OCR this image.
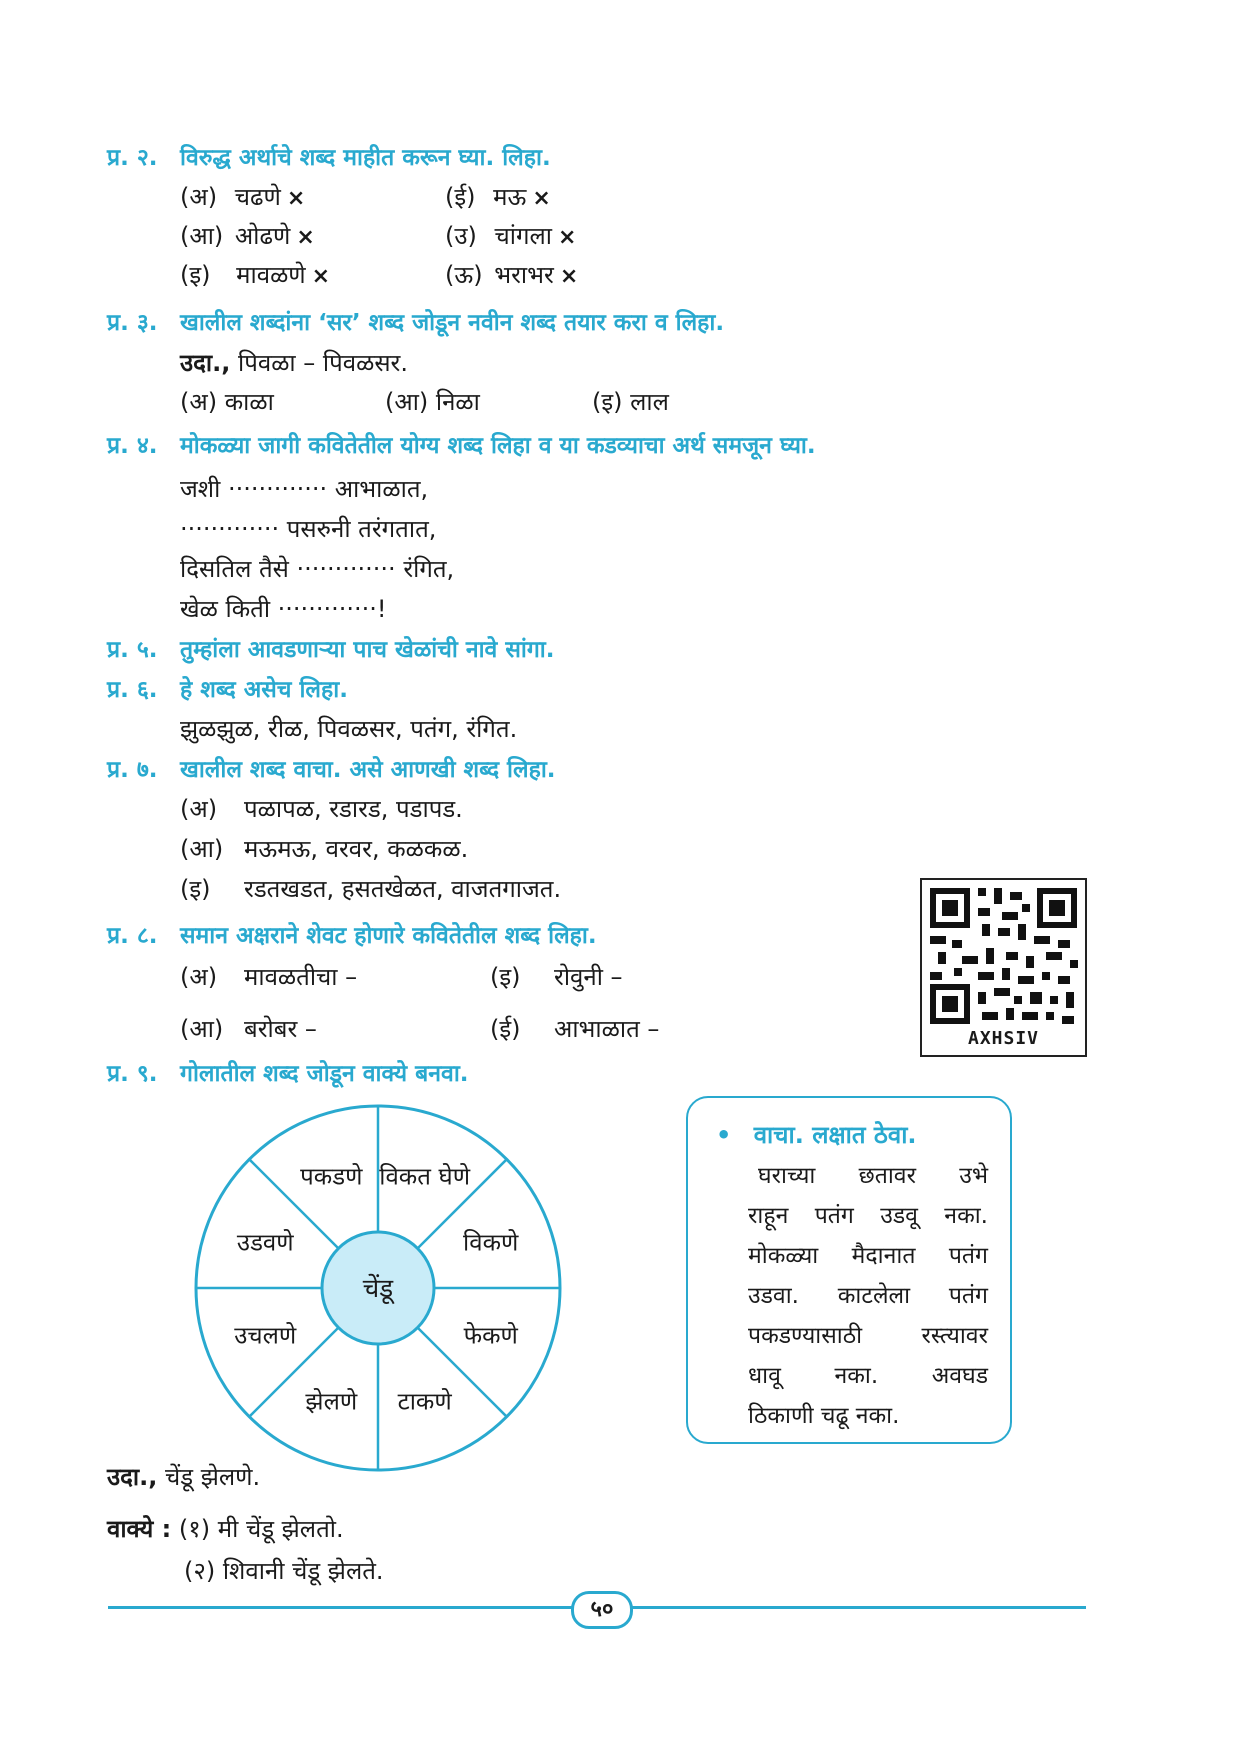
प्र. २. विरुद्ध अर्थाचे शब्द माहीत करून घ्या. लिहा.
(अ) चढणे ×	(ई) मऊ ×
(आ) ओढणे ×	(उ) चांगला ×
(इ) मावळणे ×	(ऊ) भराभर ×
प्र. ३. खालील शब्दांना ‘सर’ शब्द जोडून नवीन शब्द तयार करा व लिहा.
उदा., पिवळा – पिवळसर.
(अ) काळा	(आ) निळा	(इ) लाल
प्र. ४. मोकळ्या जागी कवितेतील योग्य शब्द लिहा व या कडव्याचा अर्थ समजून घ्या.
जशी ············· आभाळात,
············· पसरुनी तरंगतात,
दिसतिल तैसे ············· रंगित,
खेळ किती ·············!
प्र. ५. तुम्हांला आवडणाऱ्या पाच खेळांची नावे सांगा.
प्र. ६. हे शब्द असेच लिहा.
झुळझुळ, रीळ, पिवळसर, पतंग, रंगित.
प्र. ७. खालील शब्द वाचा. असे आणखी शब्द लिहा.
(अ) पळापळ, रडारड, पडापड.
(आ) मऊमऊ, वरवर, कळकळ.
(इ) रडतखडत, हसतखेळत, वाजतगाजत.
प्र. ८. समान अक्षराने शेवट होणारे कवितेतील शब्द लिहा.
(अ) मावळतीचा –	(इ) रोवुनी –
(आ) बरोबर –	(ई) आभाळात –	AXHSIV
प्र. ९. गोलातील शब्द जोडून वाक्ये बनवा.
चेंडू
पकडणे विकत घेणे
विकणे
फेकणे
टाकणे
झेलणे
उचलणे
उडवणे
• वाचा. लक्षात ठेवा.
घराच्या छतावर उभे
राहून पतंग उडवू नका.
मोकळ्या मैदानात पतंग
उडवा. काटलेला पतंग
पकडण्यासाठी रस्त्यावर
धावू नका. अवघड
ठिकाणी चढू नका.
उदा., चेंडू झेलणे.
वाक्ये : (१) मी चेंडू झेलतो.
(२) शिवानी चेंडू झेलते.
५०
